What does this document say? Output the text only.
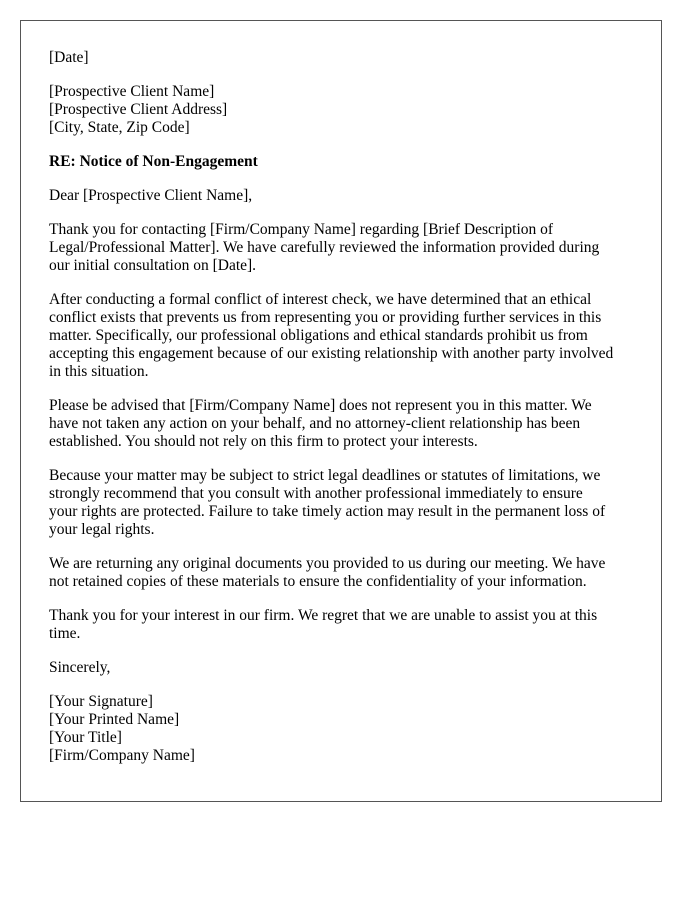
[Date]
[Prospective Client Name]
[Prospective Client Address]
[City, State, Zip Code]
RE: Notice of Non-Engagement
Dear [Prospective Client Name],
Thank you for contacting [Firm/Company Name] regarding [Brief Description of
Legal/Professional Matter]. We have carefully reviewed the information provided during
our initial consultation on [Date].
After conducting a formal conflict of interest check, we have determined that an ethical
conflict exists that prevents us from representing you or providing further services in this
matter. Specifically, our professional obligations and ethical standards prohibit us from
accepting this engagement because of our existing relationship with another party involved
in this situation.
Please be advised that [Firm/Company Name] does not represent you in this matter. We
have not taken any action on your behalf, and no attorney-client relationship has been
established. You should not rely on this firm to protect your interests.
Because your matter may be subject to strict legal deadlines or statutes of limitations, we
strongly recommend that you consult with another professional immediately to ensure
your rights are protected. Failure to take timely action may result in the permanent loss of
your legal rights.
We are returning any original documents you provided to us during our meeting. We have
not retained copies of these materials to ensure the confidentiality of your information.
Thank you for your interest in our firm. We regret that we are unable to assist you at this
time.
Sincerely,
[Your Signature]
[Your Printed Name]
[Your Title]
[Firm/Company Name]
